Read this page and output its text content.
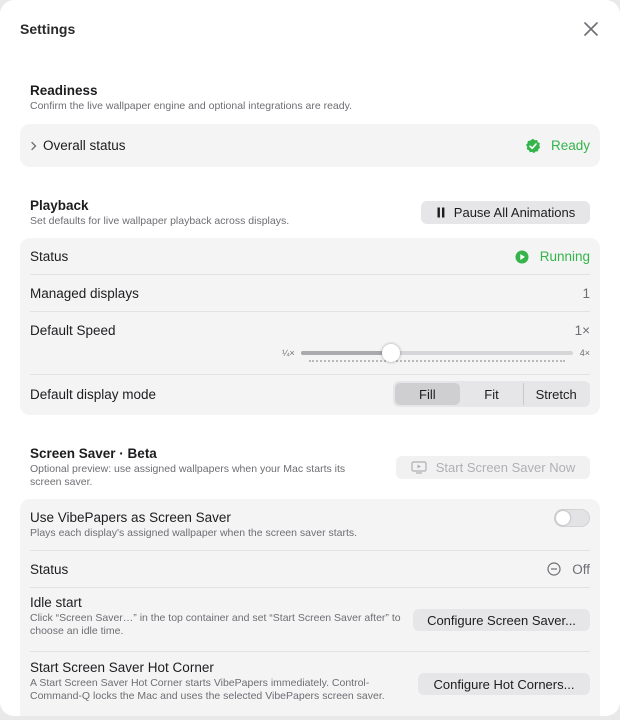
Settings
Readiness
Confirm the live wallpaper engine and optional integrations are ready.
Overall status	Ready
Playback
Set defaults for live wallpaper playback across displays.
Pause All Animations
Status	Running
Managed displays	1
Default Speed	1×
¼×	4×
Default display mode	Fill	Fit	Stretch
Screen Saver · Beta
Optional preview: use assigned wallpapers when your Mac starts its screen saver.
Start Screen Saver Now
Use VibePapers as Screen Saver
Plays each display's assigned wallpaper when the screen saver starts.
Status	Off
Idle start
Click “Screen Saver…” in the top container and set “Start Screen Saver after” to choose an idle time.
Configure Screen Saver...
Start Screen Saver Hot Corner
A Start Screen Saver Hot Corner starts VibePapers immediately. Control-Command-Q locks the Mac and uses the selected VibePapers screen saver.
Configure Hot Corners...
